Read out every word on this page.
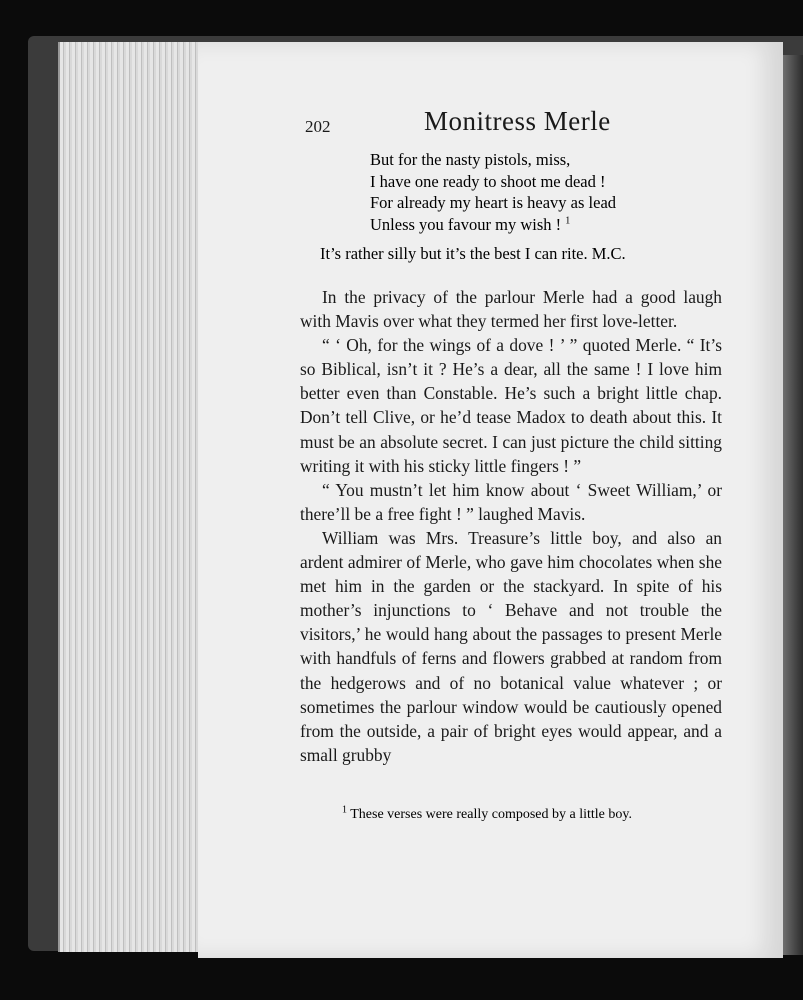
202	Monitress Merle
But for the nasty pistols, miss,
I have one ready to shoot me dead !
For already my heart is heavy as lead
Unless you favour my wish ! $^1$
It’s rather silly but it’s the best I can rite. M.C.

In the privacy of the parlour Merle had a good laugh with Mavis over what they termed her first love-letter.

“ ‘ Oh, for the wings of a dove ! ’ ” quoted Merle. “ It’s so Biblical, isn’t it ? He’s a dear, all the same ! I love him better even than Constable. He’s such a bright little chap. Don’t tell Clive, or he’d tease Madox to death about this. It must be an absolute secret. I can just picture the child sitting writing it with his sticky little fingers ! ”

“ You mustn’t let him know about ‘ Sweet William,’ or there’ll be a free fight ! ” laughed Mavis.

William was Mrs. Treasure’s little boy, and also an ardent admirer of Merle, who gave him chocolates when she met him in the garden or the stackyard. In spite of his mother’s injunctions to ‘ Behave and not trouble the visitors,’ he would hang about the passages to present Merle with handfuls of ferns and flowers grabbed at random from the hedgerows and of no botanical value whatever ; or sometimes the parlour window would be cautiously opened from the outside, a pair of bright eyes would appear, and a small grubby

$^1$ These verses were really composed by a little boy.
